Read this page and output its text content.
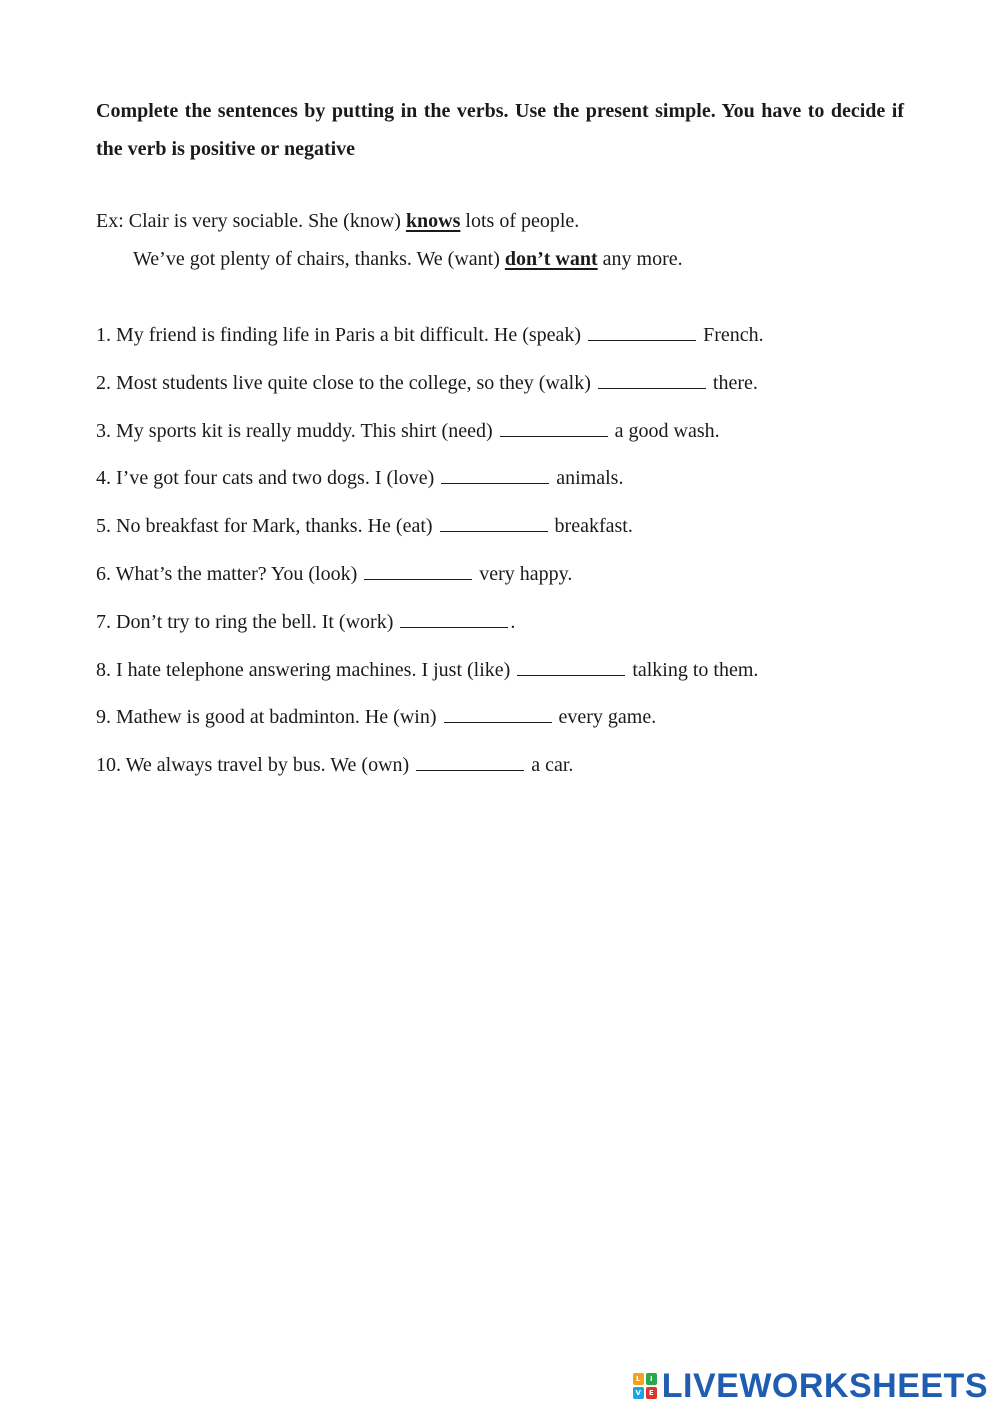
Complete the sentences by putting in the verbs. Use the present simple. You have to decide if the verb is positive or negative
Ex: Clair is very sociable. She (know) knows lots of people.
We’ve got plenty of chairs, thanks. We (want) don’t want any more.
1. My friend is finding life in Paris a bit difficult. He (speak)	French.
2. Most students live quite close to the college, so they (walk)	there.
3. My sports kit is really muddy. This shirt (need)	a good wash.
4. I’ve got four cats and two dogs. I (love)	animals.
5. No breakfast for Mark, thanks. He (eat)	breakfast.
6. What’s the matter? You (look)	very happy.
7. Don’t try to ring the bell. It (work)	.
8. I hate telephone answering machines. I just (like)	talking to them.
9. Mathew is good at badminton. He (win)	every game.
10. We always travel by bus. We (own)	a car.
L	I
V	E LIVEWORKSHEETS
